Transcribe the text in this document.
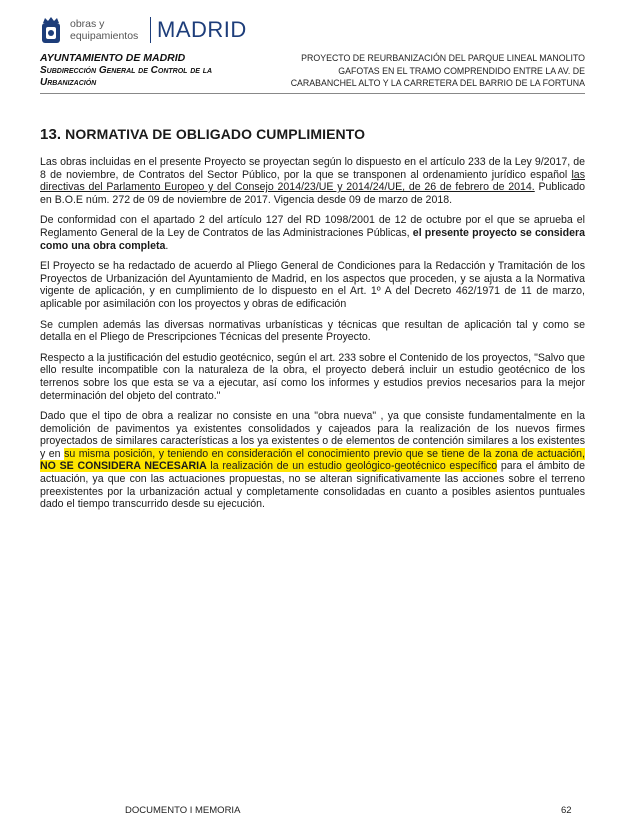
obras y
equipamientos MADRID
AYUNTAMIENTO DE MADRID
Subdirección General de Control de la
Urbanización
PROYECTO DE REURBANIZACIÓN DEL PARQUE LINEAL MANOLITO
GAFOTAS EN EL TRAMO COMPRENDIDO ENTRE LA AV. DE
CARABANCHEL ALTO Y LA CARRETERA DEL BARRIO DE LA FORTUNA
13. NORMATIVA DE OBLIGADO CUMPLIMIENTO

Las obras incluidas en el presente Proyecto se proyectan según lo dispuesto en el artículo 233 de la Ley 9/2017, de 8 de noviembre, de Contratos del Sector Público, por la que se transponen al ordenamiento jurídico español las directivas del Parlamento Europeo y del Consejo 2014/23/UE y 2014/24/UE, de 26 de febrero de 2014. Publicado en B.O.E núm. 272 de 09 de noviembre de 2017. Vigencia desde 09 de marzo de 2018.

De conformidad con el apartado 2 del artículo 127 del RD 1098/2001 de 12 de octubre por el que se aprueba el Reglamento General de la Ley de Contratos de las Administraciones Públicas, el presente proyecto se considera como una obra completa.

El Proyecto se ha redactado de acuerdo al Pliego General de Condiciones para la Redacción y Tramitación de los Proyectos de Urbanización del Ayuntamiento de Madrid, en los aspectos que proceden, y se ajusta a la Normativa vigente de aplicación, y en cumplimiento de lo dispuesto en el Art. 1º A del Decreto 462/1971 de 11 de marzo, aplicable por asimilación con los proyectos y obras de edificación

Se cumplen además las diversas normativas urbanísticas y técnicas que resultan de aplicación tal y como se detalla en el Pliego de Prescripciones Técnicas del presente Proyecto.

Respecto a la justificación del estudio geotécnico, según el art. 233 sobre el Contenido de los proyectos, "Salvo que ello resulte incompatible con la naturaleza de la obra, el proyecto deberá incluir un estudio geotécnico de los terrenos sobre los que esta se va a ejecutar, así como los informes y estudios previos necesarios para la mejor determinación del objeto del contrato."

Dado que el tipo de obra a realizar no consiste en una "obra nueva" , ya que consiste fundamentalmente en la demolición de pavimentos ya existentes consolidados y cajeados para la realización de los nuevos firmes proyectados de similares características a los ya existentes o de elementos de contención similares a los existentes y en su misma posición, y teniendo en consideración el conocimiento previo que se tiene de la zona de actuación, NO SE CONSIDERA NECESARIA la realización de un estudio geológico-geotécnico específico para el ámbito de actuación, ya que con las actuaciones propuestas, no se alteran significativamente las acciones sobre el terreno preexistentes por la urbanización actual y completamente consolidadas en cuanto a posibles asientos puntuales dado el tiempo transcurrido desde su ejecución.

DOCUMENTO I MEMORIA	62
